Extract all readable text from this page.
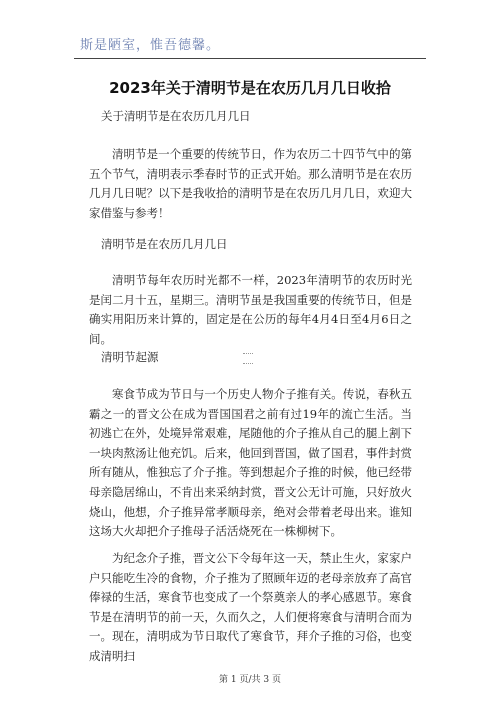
斯是陋室，惟吾德馨。
2023年关于清明节是在农历几月几日收拾
关于清明节是在农历几月几日

清明节是一个重要的传统节日，作为农历二十四节气中的第五个节气，清明表示季春时节的正式开始。那么清明节是在农历几月几日呢？以下是我收拾的清明节是在农历几月几日，欢迎大家借鉴与参考！

清明节是在农历几月几日

清明节每年农历时光都不一样，2023年清明节的农历时光是闰二月十五，星期三。清明节虽是我国重要的传统节日，但是确实用阳历来计算的，固定是在公历的每年4月4日至4月6日之间。

清明节起源

寒食节成为节日与一个历史人物介子推有关。传说，春秋五霸之一的晋文公在成为晋国国君之前有过19年的流亡生活。当初逃亡在外，处境异常艰难，尾随他的介子推从自己的腿上割下一块肉熬汤让他充饥。后来，他回到晋国，做了国君，事件封赏所有随从，惟独忘了介子推。等到想起介子推的时候，他已经带母亲隐居绵山，不肯出来采纳封赏，晋文公无计可施，只好放火烧山，他想，介子推异常孝顺母亲，绝对会带着老母出来。谁知这场大火却把介子推母子活活烧死在一株柳树下。

为纪念介子推，晋文公下令每年这一天，禁止生火，家家户户只能吃生冷的食物，介子推为了照顾年迈的老母亲放弃了高官俸禄的生活，寒食节也变成了一个祭奠亲人的孝心感恩节。寒食节是在清明节的前一天，久而久之，人们便将寒食与清明合而为一。现在，清明成为节日取代了寒食节，拜介子推的习俗，也变成清明扫

第 1 页/共 3 页
